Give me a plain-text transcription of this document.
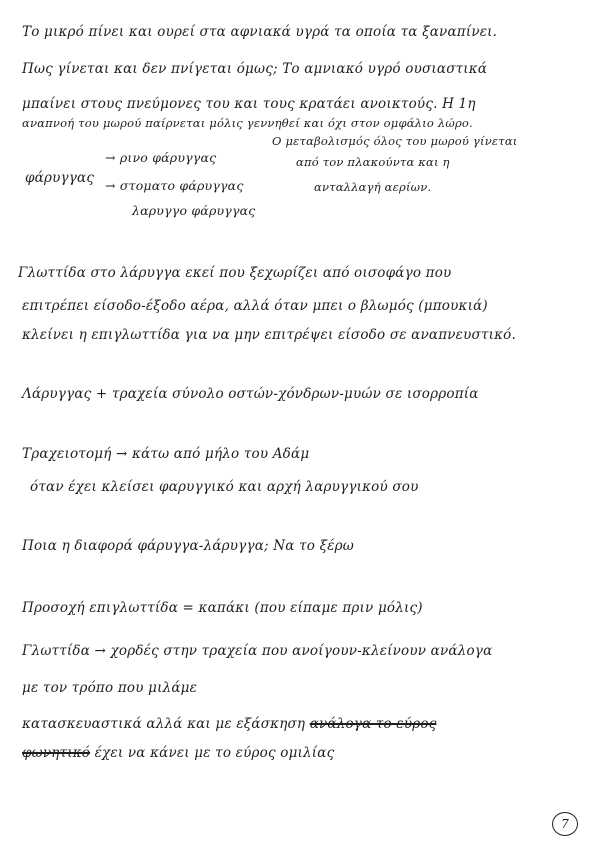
Το μικρό πίνει και ουρεί στα αφνιακά υγρά τα οποία τα ξαναπίνει.
Πως γίνεται και δεν πνίγεται όμως; Το αμνιακό υγρό ουσιαστικά
μπαίνει στους πνεύμονες του και τους κρατάει ανοικτούς. Η 1η
αναπνοή του μωρού παίρνεται μόλις γεννηθεί και όχι στον ομφάλιο λώρο.
Ο μεταβολισμός όλος του μωρού γίνεται
από τον πλακούντα και η
ανταλλαγή αερίων.
φάρυγγας
→ ρινο φάρυγγας
→ στοματο φάρυγγας
λαρυγγο φάρυγγας
Γλωττίδα στο λάρυγγα εκεί που ξεχωρίζει από οισοφάγο που
επιτρέπει είσοδο-έξοδο αέρα, αλλά όταν μπει ο βλωμός (μπουκιά)
κλείνει η επιγλωττίδα για να μην επιτρέψει είσοδο σε αναπνευστικό.
Λάρυγγας + τραχεία σύνολο οστών-χόνδρων-μυών σε ισορροπία
Τραχειοτομή → κάτω από μήλο του Αδάμ
όταν έχει κλείσει φαρυγγικό και αρχή λαρυγγικού σου
Ποια η διαφορά φάρυγγα-λάρυγγα; Να το ξέρω
Προσοχή επιγλωττίδα = καπάκι (που είπαμε πριν μόλις)
Γλωττίδα → χορδές στην τραχεία που ανοίγουν-κλείνουν ανάλογα
με τον τρόπο που μιλάμε
κατασκευαστικά αλλά και με εξάσκηση ανάλογα το εύρος
φωνητικό έχει να κάνει με το εύρος ομιλίας
7
